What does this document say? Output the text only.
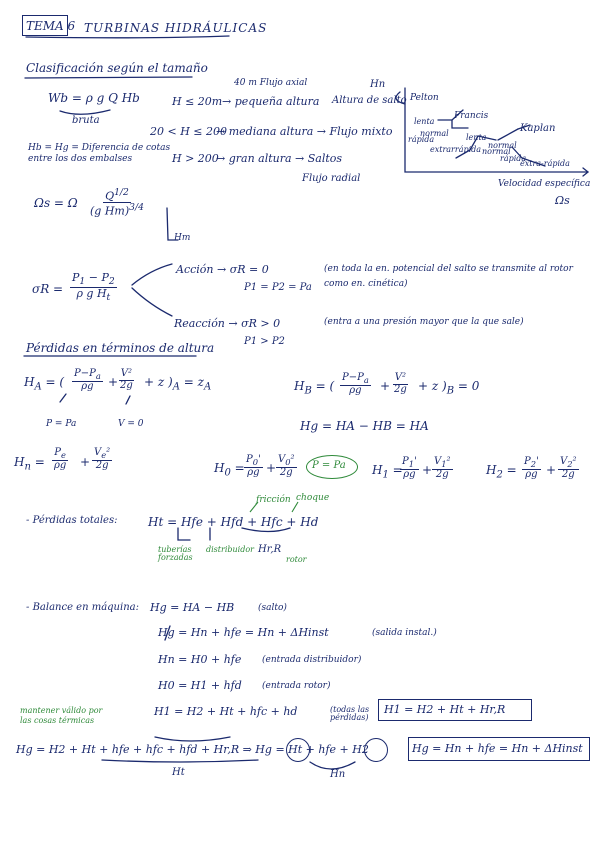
TEMA 6 TURBINAS HIDRÁULICAS
Clasificación según el tamaño
Wb = ρ g Q Hb
bruta
Hb = Hg = Diferencia de cotas entre los dos embalses
40 m Flujo axial
H ≤ 20m → pequeña altura Altura de salto
20 < H ≤ 200
→ mediana altura → Flujo mixto
H > 200
→ gran altura → Saltos
Flujo radial
Ωs = Ω $\frac{Q^{1/2}}{(g Hm)^{3/4}}$
Hm
Hn
Pelton
Francis
lenta
rápida
normal lenta
Kaplan
normal
rápida
extrarrápida
extra-rápida
normal
Velocidad específica
Ωs
$\sigma R = \frac{P_1 - P_2}{\rho g H_t}$
Acción → σR = 0
P1 = P2 = Pa
(en toda la en. potencial del salto se transmite al rotor como en. cinética)
Reacción → σR > 0
P1 > P2
(entra a una presión mayor que la que sale)
Pérdidas en términos de altura
$H_A$ = ( $\frac{P-P_a}{\rho g} + \frac{\text{V²}}{2g} + z$ )$_A = z_A$
P = Pa	V = 0
$H_B$ = ( $\frac{P-P_a}{\rho g} + \frac{\text{V²}}{2g} + z$ )$_B = 0$
Hg = HA − HB = HA
$H_n = \frac{P_e}{\rho g} + \frac{V_e^2}{2g}$	$H_0 = \frac{P_0'}{\rho g} + \frac{V_0^2}{2g}$ P = Pa $H_1$ =
$\frac{P_1'}{\rho g} + \frac{V_1^2}{2g}$	$H_2 = \frac{P_2'}{\rho g} + \frac{V_2^2}{2g}$
- Pérdidas totales:	Ht = Hfe + Hfd + Hfc + Hd
fricción choque
tuberías forzadas
distribuidor Hr,R
rotor
- Balance en máquina: Hg = HA − HB	(salto)
Hg = Hn + hfe = Hn + ΔHinst	(salida instal.)
Hn = H0 + hfe (entrada distribuidor)
H0 = H1 + hfd (entrada rotor)
H1 = H2 + Ht + hfc + hd	(todas las pérdidas)
H1 = H2 + Ht + Hr,R
mantener válido por las cosas térmicas
Hg = H2 + Ht + hfe + hfc + hfd + Hr,R ⇒ Hg = Ht + hfe + H2
Ht
Hg = Hn + hfe = Hn + ΔHinst
Hn
